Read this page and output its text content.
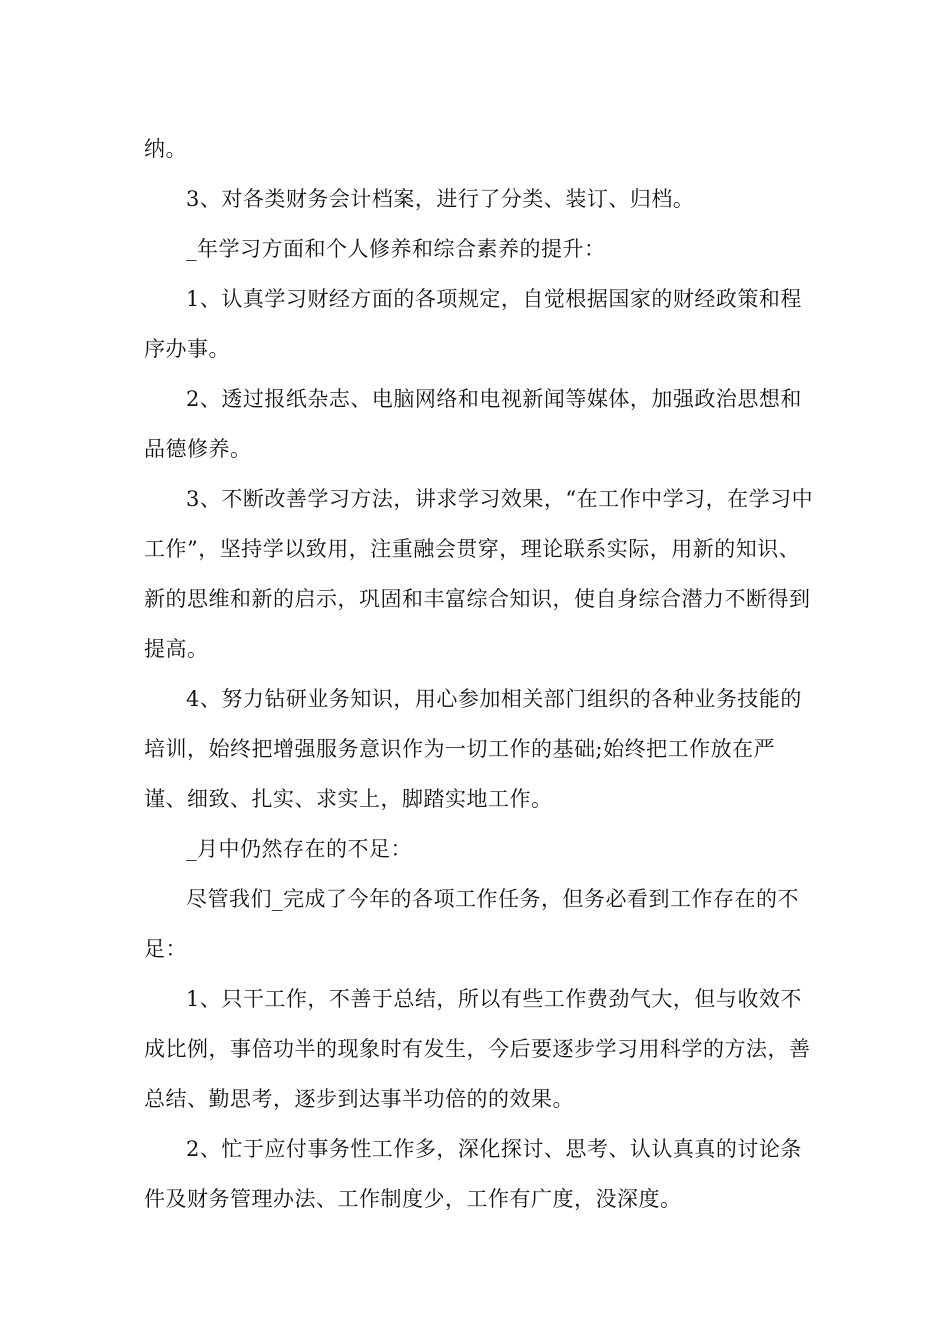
纳。

3、对各类财务会计档案，进行了分类、装订、归档。

_年学习方面和个人修养和综合素养的提升：

1、认真学习财经方面的各项规定，自觉根据国家的财经政策和程序办事。

2、透过报纸杂志、电脑网络和电视新闻等媒体，加强政治思想和品德修养。

3、不断改善学习方法，讲求学习效果，“在工作中学习，在学习中工作”，坚持学以致用，注重融会贯穿，理论联系实际，用新的知识、新的思维和新的启示，巩固和丰富综合知识，使自身综合潜力不断得到提高。

4、努力钻研业务知识，用心参加相关部门组织的各种业务技能的培训，始终把增强服务意识作为一切工作的基础;始终把工作放在严谨、细致、扎实、求实上，脚踏实地工作。

_月中仍然存在的不足：

尽管我们_完成了今年的各项工作任务，但务必看到工作存在的不足：

1、只干工作，不善于总结，所以有些工作费劲气大，但与收效不成比例，事倍功半的现象时有发生，今后要逐步学习用科学的方法，善总结、勤思考，逐步到达事半功倍的的效果。

2、忙于应付事务性工作多，深化探讨、思考、认认真真的讨论条件及财务管理办法、工作制度少，工作有广度，没深度。
